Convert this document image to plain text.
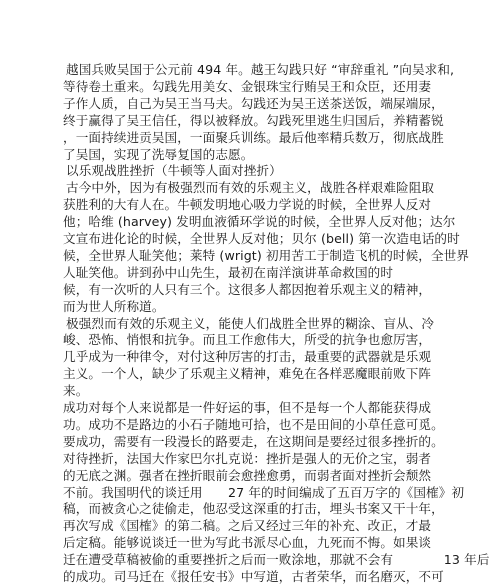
越国兵败吴国于公元前 494 年。越王勾践只好 “审辞重礼 ”向吴求和,
等待卷土重来。勾践先用美女、金银珠宝行贿吴王和众臣，还用妻
子作人质，自己为吴王当马夫。勾践还为吴王送茶送饭，端屎端尿，
终于赢得了吴王信任，得以被释放。勾践死里逃生归国后，养精蓄锐
，一面持续进贡吴国，一面聚兵训练。最后他率精兵数万，彻底战胜
了吴国，实现了洗辱复国的志愿。
以乐观战胜挫折（牛顿等人面对挫折）
古今中外，因为有极强烈而有效的乐观主义，战胜各样艰难险阻取
获胜利的大有人在。牛顿发明地心吸力学说的时候，全世界人反对
他；哈维 (harvey) 发明血液循环学说的时候，全世界人反对他；达尔
文宣布进化论的时候，全世界人反对他；贝尔 (bell) 第一次造电话的时
候，全世界人耻笑他；莱特 (wrigt) 初用苦工于制造飞机的时候，全世界
人耻笑他。讲到孙中山先生，最初在南洋演讲革命救国的时
候，有一次听的人只有三个。这很多人都因抱着乐观主义的精神，
而为世人所称道。
极强烈而有效的乐观主义，能使人们战胜全世界的糊涂、盲从、冷
峻、恐怖、悄恨和抗争。而且工作愈伟大，所受的抗争也愈厉害，
几乎成为一种律令，对付这种厉害的打击，最重要的武器就是乐观
主义。一个人，缺少了乐观主义精神，难免在各样恶魔眼前败下阵
来。
成功对每个人来说都是一件好运的事，但不是每一个人都能获得成
功。成功不是路边的小石子随地可拾，也不是田间的小草任意可觅。
要成功，需要有一段漫长的路要走，在这期间是要经过很多挫折的。
对待挫折，法国大作家巴尔扎克说：挫折是强人的无价之宝，弱者
的无底之渊。强者在挫折眼前会愈挫愈勇，而弱者面对挫折会颓然
不前。我国明代的谈迁用　　27 年的时间编成了五百万字的《国榷》初
稿，而被贪心之徒偷走，他忍受这深重的打击，埋头书案又干十年，
再次写成《国榷》的第二稿。之后又经过三年的补充、改正，才最
后定稿。能够说谈迁一世为写此书派尽心血，九死而不悔。如果谈
迁在遭受草稿被偷的重要挫折之后而一败涂地，那就不会有　　　　13 年后
的成功。司马迁在《报任安书》中写道，古者荣华，而名磨灭，不可
